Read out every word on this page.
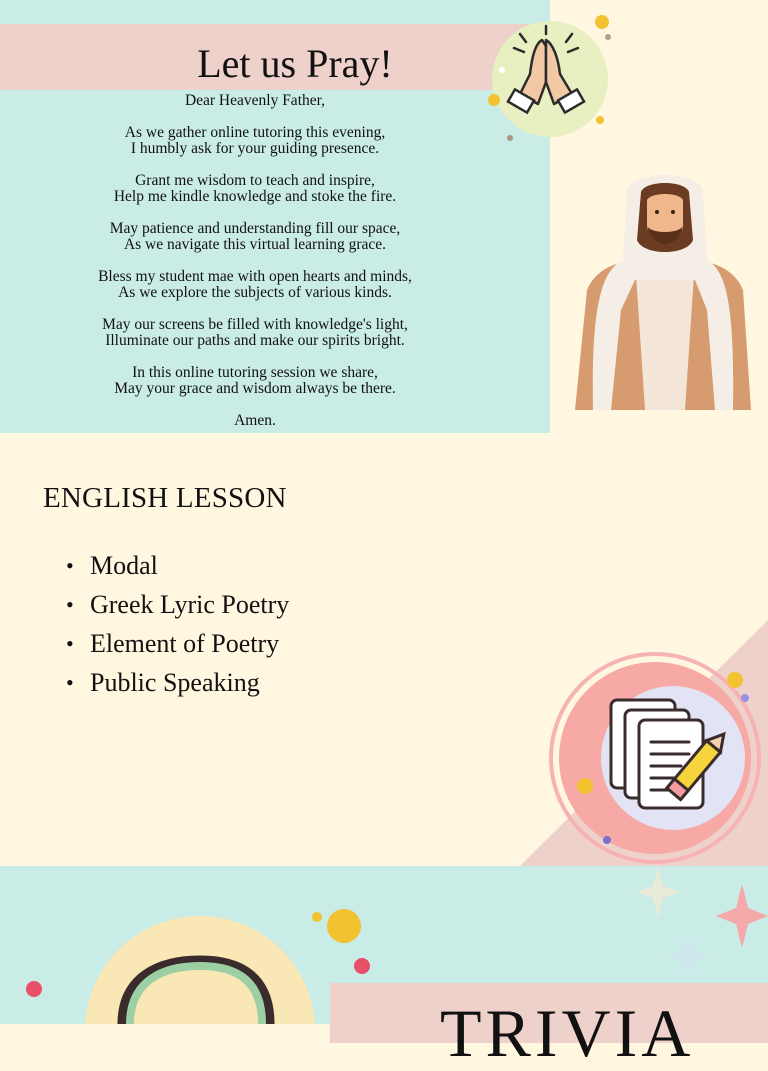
Let us Pray!
Dear Heavenly Father,
As we gather online tutoring this evening,
I humbly ask for your guiding presence.
Grant me wisdom to teach and inspire,
Help me kindle knowledge and stoke the fire.
May patience and understanding fill our space,
As we navigate this virtual learning grace.
Bless my student mae with open hearts and minds,
As we explore the subjects of various kinds.
May our screens be filled with knowledge's light,
Illuminate our paths and make our spirits bright.
In this online tutoring session we share,
May your grace and wisdom always be there.
Amen.
ENGLISH LESSON
• Modal
• Greek Lyric Poetry
• Element of Poetry
• Public Speaking
TRIVIA
